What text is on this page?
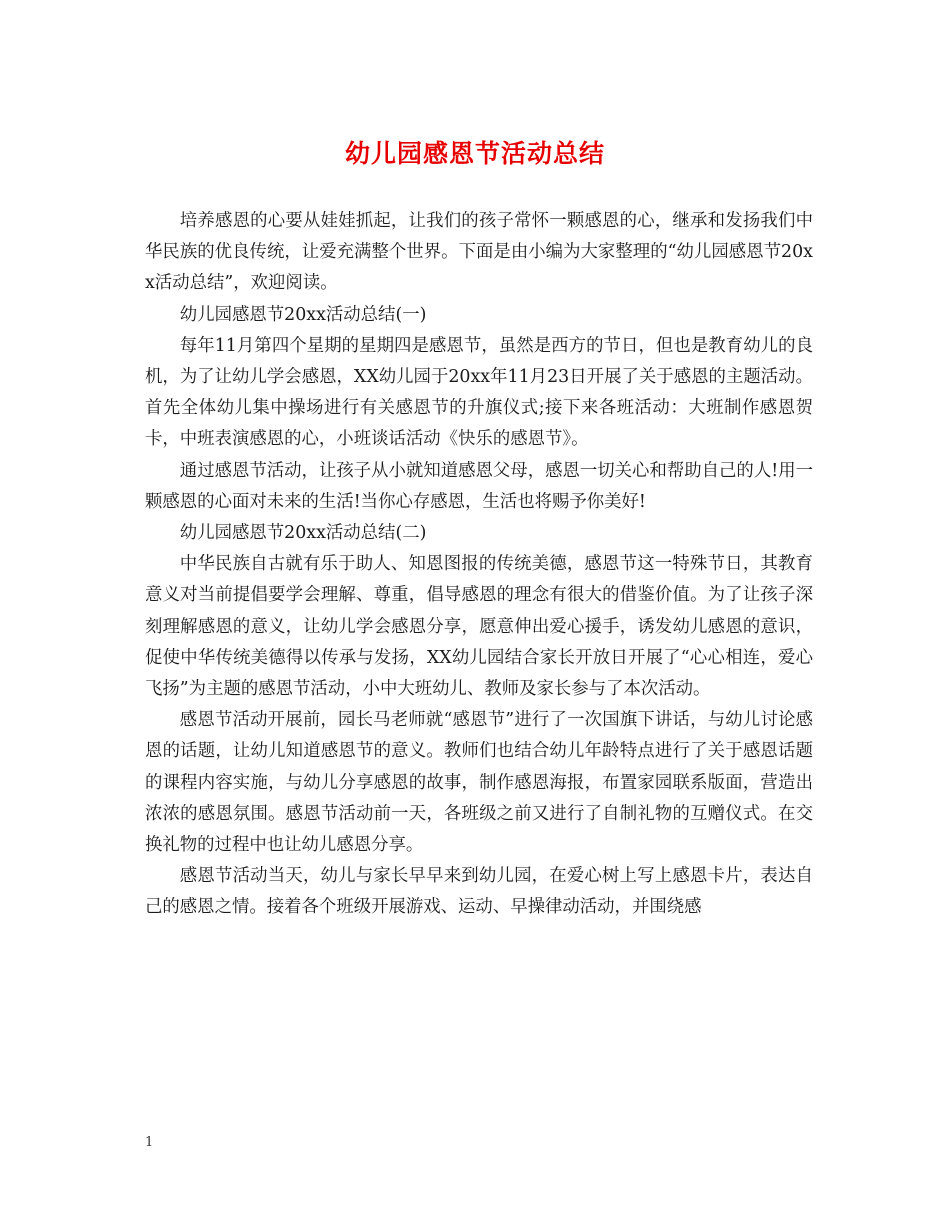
幼儿园感恩节活动总结

培养感恩的心要从娃娃抓起，让我们的孩子常怀一颗感恩的心，继承和发扬我们中华民族的优良传统，让爱充满整个世界。下面是由小编为大家整理的“幼儿园感恩节20xx活动总结”，欢迎阅读。

幼儿园感恩节20xx活动总结(一)

每年11月第四个星期的星期四是感恩节，虽然是西方的节日，但也是教育幼儿的良机，为了让幼儿学会感恩，XX幼儿园于20xx年11月23日开展了关于感恩的主题活动。首先全体幼儿集中操场进行有关感恩节的升旗仪式;接下来各班活动：大班制作感恩贺卡，中班表演感恩的心，小班谈话活动《快乐的感恩节》。

通过感恩节活动，让孩子从小就知道感恩父母，感恩一切关心和帮助自己的人!用一颗感恩的心面对未来的生活!当你心存感恩，生活也将赐予你美好!

幼儿园感恩节20xx活动总结(二)

中华民族自古就有乐于助人、知恩图报的传统美德，感恩节这一特殊节日，其教育意义对当前提倡要学会理解、尊重，倡导感恩的理念有很大的借鉴价值。为了让孩子深刻理解感恩的意义，让幼儿学会感恩分享，愿意伸出爱心援手，诱发幼儿感恩的意识，促使中华传统美德得以传承与发扬，XX幼儿园结合家长开放日开展了“心心相连，爱心飞扬”为主题的感恩节活动，小中大班幼儿、教师及家长参与了本次活动。

感恩节活动开展前，园长马老师就“感恩节”进行了一次国旗下讲话，与幼儿讨论感恩的话题，让幼儿知道感恩节的意义。教师们也结合幼儿年龄特点进行了关于感恩话题的课程内容实施，与幼儿分享感恩的故事，制作感恩海报，布置家园联系版面，营造出浓浓的感恩氛围。感恩节活动前一天，各班级之前又进行了自制礼物的互赠仪式。在交换礼物的过程中也让幼儿感恩分享。

感恩节活动当天，幼儿与家长早早来到幼儿园，在爱心树上写上感恩卡片，表达自己的感恩之情。接着各个班级开展游戏、运动、早操律动活动，并围绕感

1
